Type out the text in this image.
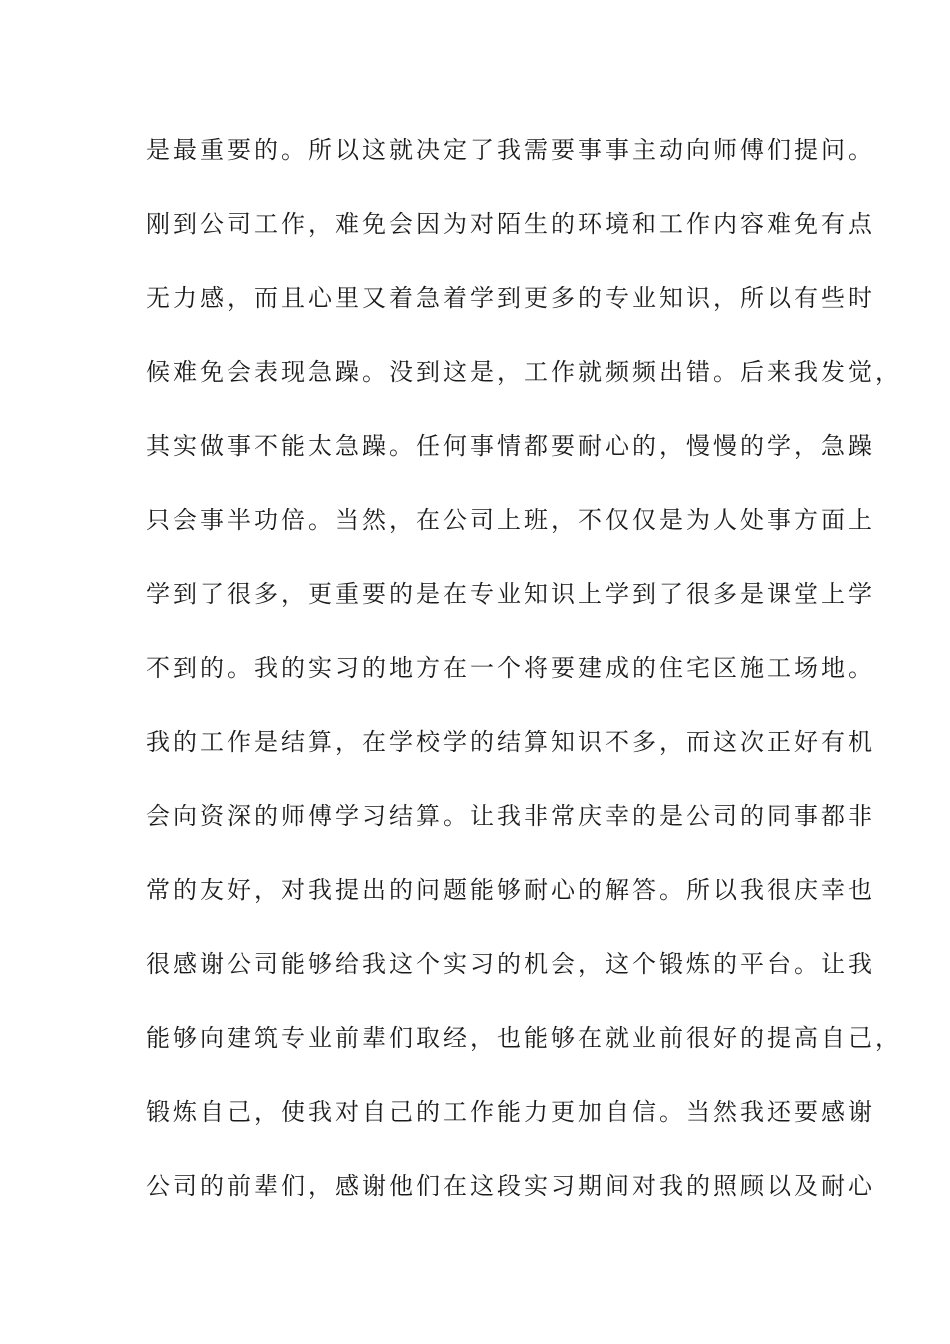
是最重要的。所以这就决定了我需要事事主动向师傅们提问。
刚到公司工作，难免会因为对陌生的环境和工作内容难免有点
无力感，而且心里又着急着学到更多的专业知识，所以有些时
候难免会表现急躁。没到这是，工作就频频出错。后来我发觉，
其实做事不能太急躁。任何事情都要耐心的，慢慢的学，急躁
只会事半功倍。当然，在公司上班，不仅仅是为人处事方面上
学到了很多，更重要的是在专业知识上学到了很多是课堂上学
不到的。我的实习的地方在一个将要建成的住宅区施工场地。
我的工作是结算，在学校学的结算知识不多，而这次正好有机
会向资深的师傅学习结算。让我非常庆幸的是公司的同事都非
常的友好，对我提出的问题能够耐心的解答。所以我很庆幸也
很感谢公司能够给我这个实习的机会，这个锻炼的平台。让我
能够向建筑专业前辈们取经，也能够在就业前很好的提高自己，
锻炼自己，使我对自己的工作能力更加自信。当然我还要感谢
公司的前辈们，感谢他们在这段实习期间对我的照顾以及耐心
